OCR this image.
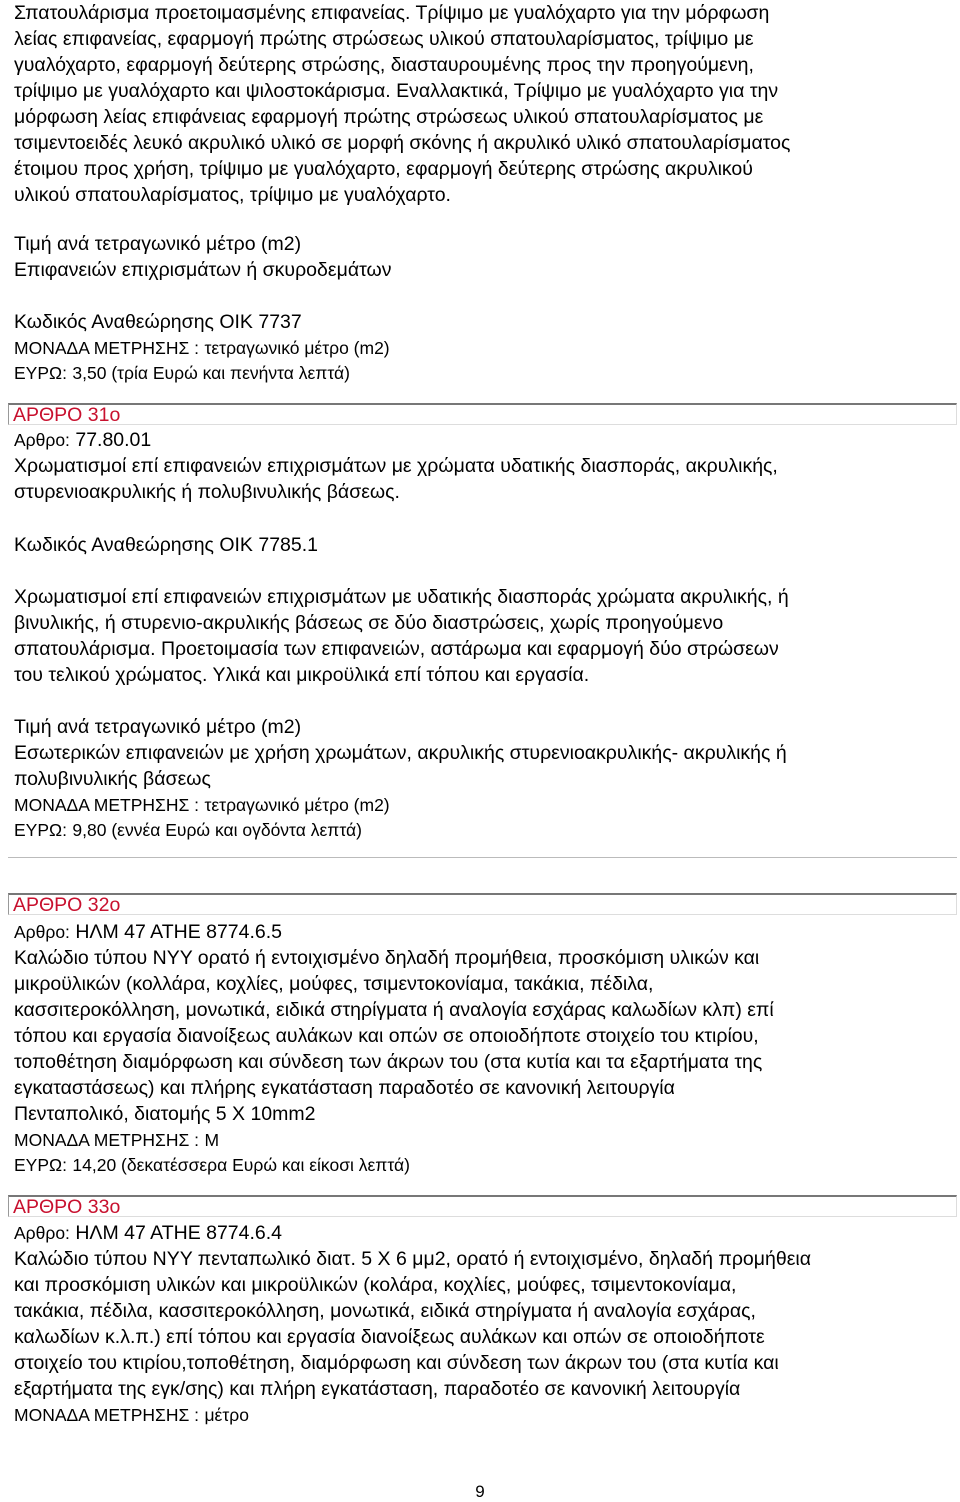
Σπατουλάρισμα προετοιμασμένης επιφανείας. Τρίψιμο με γυαλόχαρτο για την μόρφωση
λείας επιφανείας, εφαρμογή πρώτης στρώσεως υλικού σπατουλαρίσματος, τρίψιμο με
γυαλόχαρτο, εφαρμογή δεύτερης στρώσης, διασταυρουμένης προς την προηγούμενη,
τρίψιμο με γυαλόχαρτο και ψιλοστοκάρισμα. Εναλλακτικά, Τρίψιμο με γυαλόχαρτο για την
μόρφωση λείας επιφάνειας εφαρμογή πρώτης στρώσεως υλικού σπατουλαρίσματος με
τσιμεντοειδές λευκό ακρυλικό υλικό σε μορφή σκόνης ή ακρυλικό υλικό σπατουλαρίσματος
έτοιμου προς χρήση, τρίψιμο με γυαλόχαρτο, εφαρμογή δεύτερης στρώσης ακρυλικού
υλικού σπατουλαρίσματος, τρίψιμο με γυαλόχαρτο.
Τιμή ανά τετραγωνικό μέτρο (m2)
Επιφανειών επιχρισμάτων ή σκυροδεμάτων
Κωδικός Αναθεώρησης ΟΙΚ 7737
ΜΟΝΑΔΑ ΜΕΤΡΗΣΗΣ : τετραγωνικό μέτρο (m2)
ΕΥΡΩ: 3,50 (τρία Ευρώ και πενήντα λεπτά)
ΑΡΘΡΟ 31ο
Αρθρο: 77.80.01
Χρωματισμοί επί επιφανειών επιχρισμάτων με χρώματα υδατικής διασποράς, ακρυλικής,
στυρενιοακρυλικής ή πολυβινυλικής βάσεως.
Κωδικός Αναθεώρησης ΟΙΚ 7785.1
Χρωματισμοί επί επιφανειών επιχρισμάτων με υδατικής διασποράς χρώματα ακρυλικής, ή
βινυλικής, ή στυρενιο-ακρυλικής βάσεως σε δύο διαστρώσεις, χωρίς προηγούμενο
σπατουλάρισμα. Προετοιμασία των επιφανειών, αστάρωμα και εφαρμογή δύο στρώσεων
του τελικού χρώματος. Υλικά και μικροϋλικά επί τόπου και εργασία.
Τιμή ανά τετραγωνικό μέτρο (m2)
Εσωτερικών επιφανειών με χρήση χρωμάτων, ακρυλικής στυρενιοακρυλικής- ακρυλικής ή
πολυβινυλικής βάσεως
ΜΟΝΑΔΑ ΜΕΤΡΗΣΗΣ : τετραγωνικό μέτρο (m2)
ΕΥΡΩ: 9,80 (εννέα Ευρώ και ογδόντα λεπτά)
ΑΡΘΡΟ 32ο
Αρθρο: ΗΛΜ 47 ΑΤΗΕ 8774.6.5
Καλώδιο τύπου ΝΥΥ ορατό ή εντοιχισμένο δηλαδή προμήθεια, προσκόμιση υλικών και
μικροϋλικών (κολλάρα, κοχλίες, μούφες, τσιμεντοκονίαμα, τακάκια, πέδιλα,
κασσιτεροκόλληση, μονωτικά, ειδικά στηρίγματα ή αναλογία εσχάρας καλωδίων κλπ) επί
τόπου και εργασία διανοίξεως αυλάκων και οπών σε οποιοδήποτε στοιχείο του κτιρίου,
τοποθέτηση διαμόρφωση και σύνδεση των άκρων του (στα κυτία και τα εξαρτήματα της
εγκαταστάσεως) και πλήρης εγκατάσταση παραδοτέο σε κανονική λειτουργία
Πενταπολικό, διατομής 5 Χ 10mm2
ΜΟΝΑΔΑ ΜΕΤΡΗΣΗΣ : Μ
ΕΥΡΩ: 14,20 (δεκατέσσερα Ευρώ και είκοσι λεπτά)
ΑΡΘΡΟ 33ο
Αρθρο: ΗΛΜ 47 ΑΤΗΕ 8774.6.4
Καλώδιο τύπου ΝΥΥ πενταπωλικό διατ. 5 Χ 6 μμ2, ορατό ή εντοιχισμένο, δηλαδή προμήθεια
και προσκόμιση υλικών και μικροϋλικών (κολάρα, κοχλίες, μούφες, τσιμεντοκονίαμα,
τακάκια, πέδιλα, κασσιτεροκόλληση, μονωτικά, ειδικά στηρίγματα ή αναλογία εσχάρας,
καλωδίων κ.λ.π.) επί τόπου και εργασία διανοίξεως αυλάκων και οπών σε οποιοδήποτε
στοιχείο του κτιρίου,τοποθέτηση, διαμόρφωση και σύνδεση των άκρων του (στα κυτία και
εξαρτήματα της εγκ/σης) και πλήρη εγκατάσταση, παραδοτέο σε κανονική λειτουργία
ΜΟΝΑΔΑ ΜΕΤΡΗΣΗΣ : μέτρο
9
